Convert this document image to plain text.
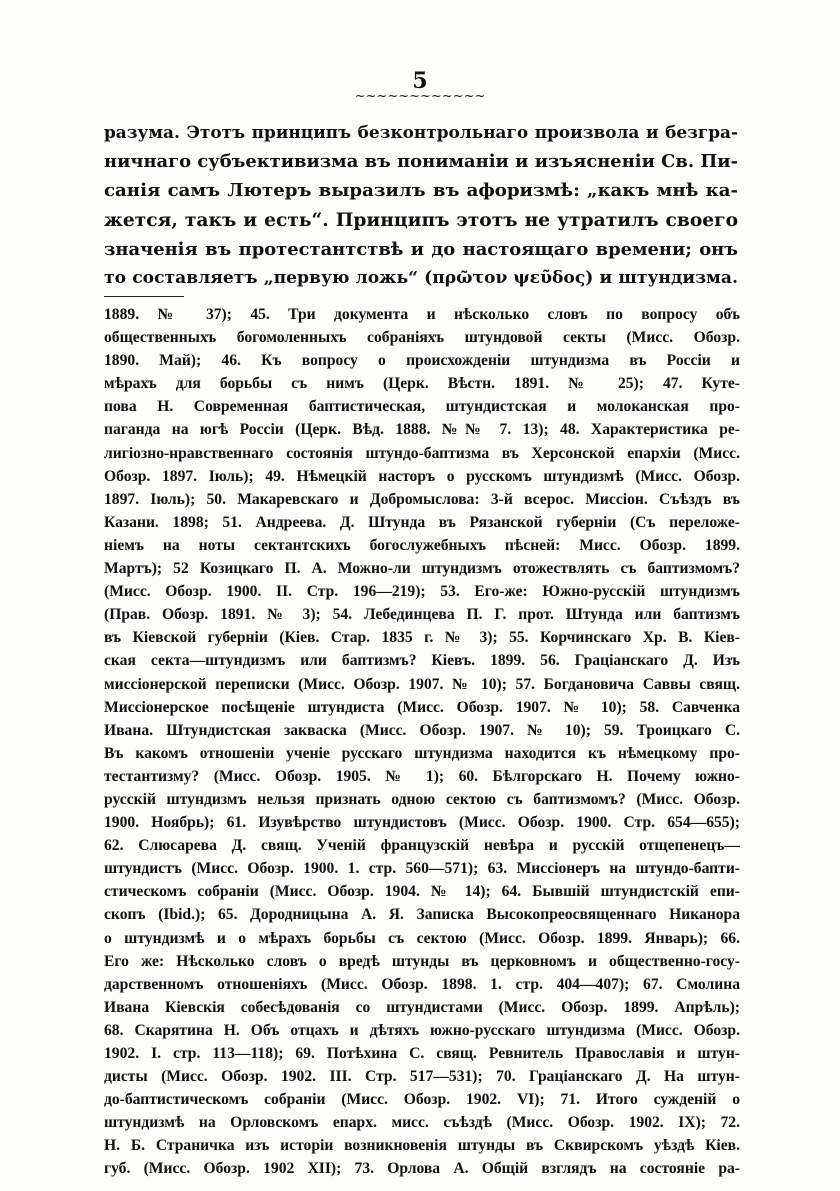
5
~~~~~~~~~~~~
разума. Этотъ принципъ безконтрольнаго произвола и безгра-
ничнаго субъективизма въ пониманіи и изъясненіи Св. Пи-
санія самъ Лютеръ выразилъ въ афоризмѣ: „какъ мнѣ ка-
жется, такъ и есть“. Принципъ этотъ не утратилъ своего
значенія въ протестантствѣ и до настоящаго времени; онъ
то составляетъ „первую ложь“ (πρῶτον ψεῦδος) и штундизма.
1889. № 37); 45. Три документа и нѣсколько словъ по вопросу объ
общественныхъ богомоленныхъ собраніяхъ штундовой секты (Мисс. Обозр.
1890. Май); 46. Къ вопросу о происхожденіи штундизма въ Россіи и
мѣрахъ для борьбы съ нимъ (Церк. Вѣстн. 1891. № 25); 47. Куте-
пова Н. Современная баптистическая, штундистская и молоканская про-
паганда на югѣ Россіи (Церк. Вѣд. 1888. №№ 7. 13); 48. Характеристика ре-
лигіозно-нравственнаго состоянія штундо-баптизма въ Херсонской епархіи (Мисс.
Обозр. 1897. Іюль); 49. Нѣмецкій насторъ о русскомъ штундизмѣ (Мисс. Обозр.
1897. Іюль); 50. Макаревскаго и Добромыслова: 3-й всерос. Миссіон. Съѣздъ въ
Казани. 1898; 51. Андреева. Д. Штунда въ Рязанской губерніи (Съ переложе-
ніемъ на ноты сектантскихъ богослужебныхъ пѣсней: Мисс. Обозр. 1899.
Мартъ); 52 Козицкаго П. А. Можно-ли штундизмъ отожествлять съ баптизмомъ?
(Мисс. Обозр. 1900. II. Стр. 196—219); 53. Его-же: Южно-русскій штундизмъ
(Прав. Обозр. 1891. № 3); 54. Лебединцева П. Г. прот. Штунда или баптизмъ
въ Кіевской губерніи (Кіев. Стар. 1835 г. № 3); 55. Корчинскаго Хр. В. Кіев-
ская секта—штундизмъ или баптизмъ? Кіевъ. 1899. 56. Граціанскаго Д. Изъ
миссіонерской переписки (Мисс. Обозр. 1907. № 10); 57. Богдановича Саввы свящ.
Миссіонерское посѣщеніе штундиста (Мисс. Обозр. 1907. № 10); 58. Савченка
Ивана. Штундистская закваска (Мисс. Обозр. 1907. № 10); 59. Троицкаго С.
Въ какомъ отношеніи ученіе русскаго штундизма находится къ нѣмецкому про-
тестантизму? (Мисс. Обозр. 1905. № 1); 60. Бѣлгорскаго Н. Почему южно-
русскій штундизмъ нельзя признать одною сектою съ баптизмомъ? (Мисс. Обозр.
1900. Ноябрь); 61. Изувѣрство штундистовъ (Мисс. Обозр. 1900. Стр. 654—655);
62. Слюсарева Д. свящ. Ученій французскій невѣра и русскій отщепенецъ—
штундистъ (Мисс. Обозр. 1900. 1. стр. 560—571); 63. Миссіонеръ на штундо-бапти-
стическомъ собраніи (Мисс. Обозр. 1904. № 14); 64. Бывшій штундистскій епи-
скопъ (Ibid.); 65. Дородницына А. Я. Записка Высокопреосвященнаго Никанора
о штундизмѣ и о мѣрахъ борьбы съ сектою (Мисс. Обозр. 1899. Январь); 66.
Его же: Нѣсколько словъ о вредѣ штунды въ церковномъ и общественно-госу-
дарственномъ отношеніяхъ (Мисс. Обозр. 1898. 1. стр. 404—407); 67. Смолина
Ивана Кіевскія собесѣдованія со штундистами (Мисс. Обозр. 1899. Апрѣль);
68. Скарятина Н. Объ отцахъ и дѣтяхъ южно-русскаго штундизма (Мисс. Обозр.
1902. I. стр. 113—118); 69. Потѣхина С. свящ. Ревнитель Православія и штун-
дисты (Мисс. Обозр. 1902. III. Стр. 517—531); 70. Граціанскаго Д. На штун-
до-баптистическомъ собраніи (Мисс. Обозр. 1902. VI); 71. Итого сужденій о
штундизмѣ на Орловскомъ епарх. мисс. съѣздѣ (Мисс. Обозр. 1902. IX); 72.
Н. Б. Страничка изъ исторіи возникновенія штунды въ Сквирскомъ уѣздѣ Кіев.
губ. (Мисс. Обозр. 1902 XII); 73. Орлова А. Общій взглядъ на состояніе ра-
